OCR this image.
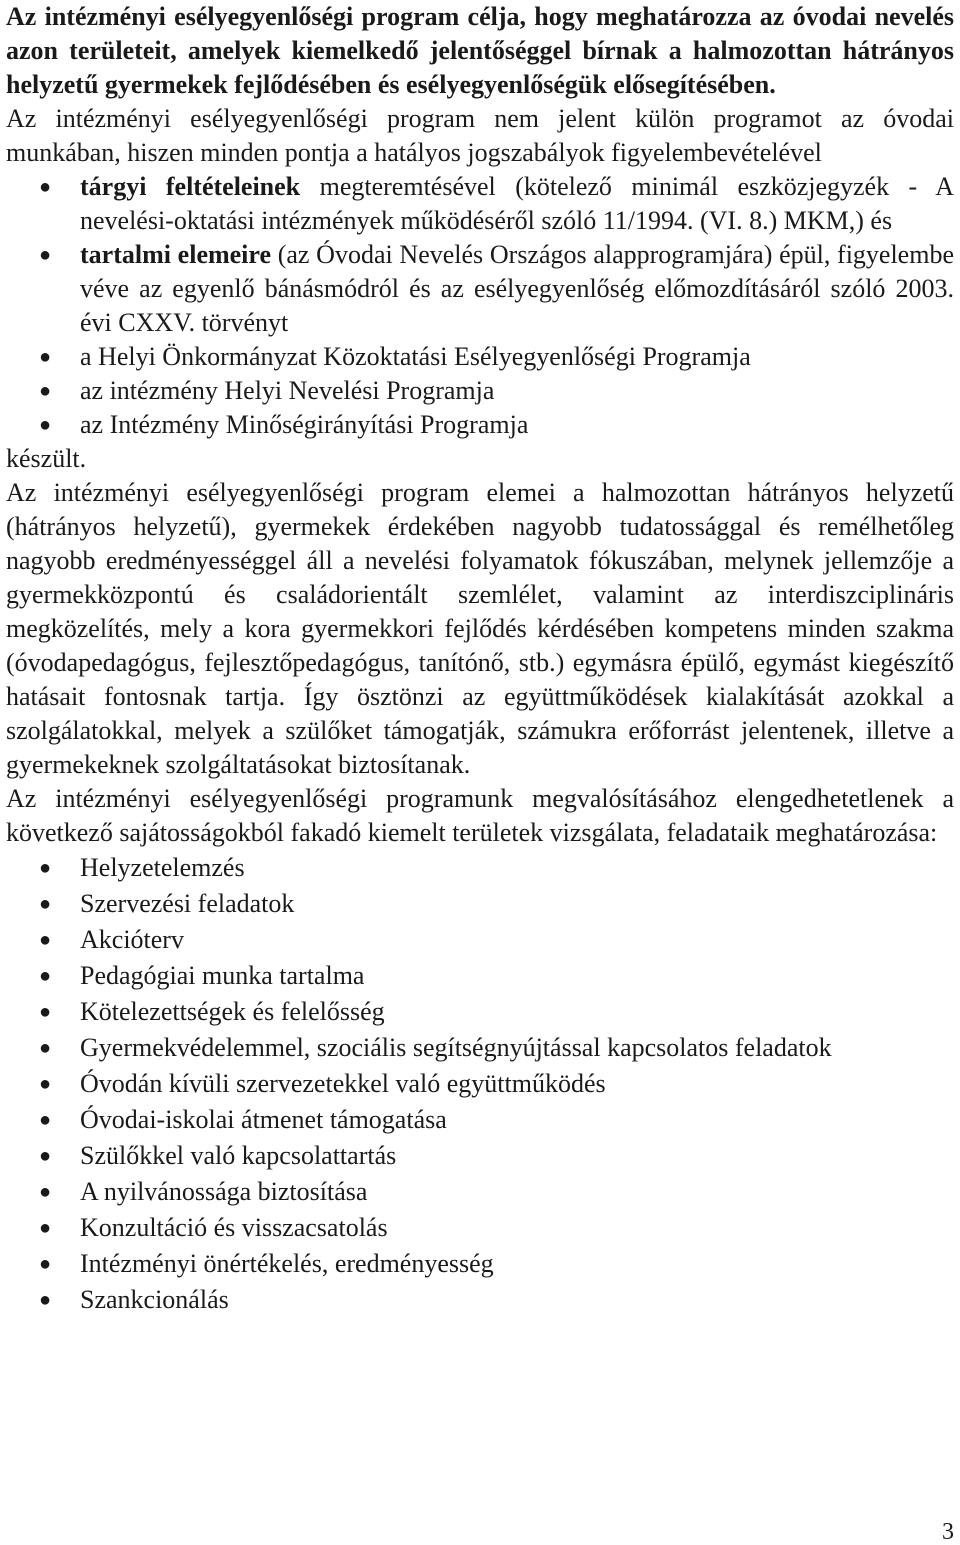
Az intézményi esélyegyenlőségi program célja, hogy meghatározza az óvodai nevelés azon területeit, amelyek kiemelkedő jelentőséggel bírnak a halmozottan hátrányos helyzetű gyermekek fejlődésében és esélyegyenlőségük elősegítésében.

Az intézményi esélyegyenlőségi program nem jelent külön programot az óvodai munkában, hiszen minden pontja a hatályos jogszabályok figyelembevételével

●	tárgyi feltételeinek megteremtésével (kötelező minimál eszközjegyzék - A nevelési-oktatási intézmények működéséről szóló 11/1994. (VI. 8.) MKM,) és
●	tartalmi elemeire (az Óvodai Nevelés Országos alapprogramjára) épül, figyelembe véve az egyenlő bánásmódról és az esélyegyenlőség előmozdításáról szóló 2003. évi CXXV. törvényt
●	a Helyi Önkormányzat Közoktatási Esélyegyenlőségi Programja
●	az intézmény Helyi Nevelési Programja
●	az Intézmény Minőségirányítási Programja

készült.

Az intézményi esélyegyenlőségi program elemei a halmozottan hátrányos helyzetű (hátrányos helyzetű), gyermekek érdekében nagyobb tudatossággal és remélhetőleg nagyobb eredményességgel áll a nevelési folyamatok fókuszában, melynek jellemzője a gyermekközpontú és családorientált szemlélet, valamint az interdiszciplináris megközelítés, mely a kora gyermekkori fejlődés kérdésében kompetens minden szakma (óvodapedagógus, fejlesztőpedagógus, tanítónő, stb.) egymásra épülő, egymást kiegészítő hatásait fontosnak tartja. Így ösztönzi az együttműködések kialakítását azokkal a szolgálatokkal, melyek a szülőket támogatják, számukra erőforrást jelentenek, illetve a gyermekeknek szolgáltatásokat biztosítanak.

Az intézményi esélyegyenlőségi programunk megvalósításához elengedhetetlenek a következő sajátosságokból fakadó kiemelt területek vizsgálata, feladataik meghatározása:

●	Helyzetelemzés
●	Szervezési feladatok
●	Akcióterv
●	Pedagógiai munka tartalma
●	Kötelezettségek és felelősség
●	Gyermekvédelemmel, szociális segítségnyújtással kapcsolatos feladatok
●	Óvodán kívüli szervezetekkel való együttműködés
●	Óvodai-iskolai átmenet támogatása
●	Szülőkkel való kapcsolattartás
●	A nyilvánossága biztosítása
●	Konzultáció és visszacsatolás
●	Intézményi önértékelés, eredményesség
●	Szankcionálás
3
